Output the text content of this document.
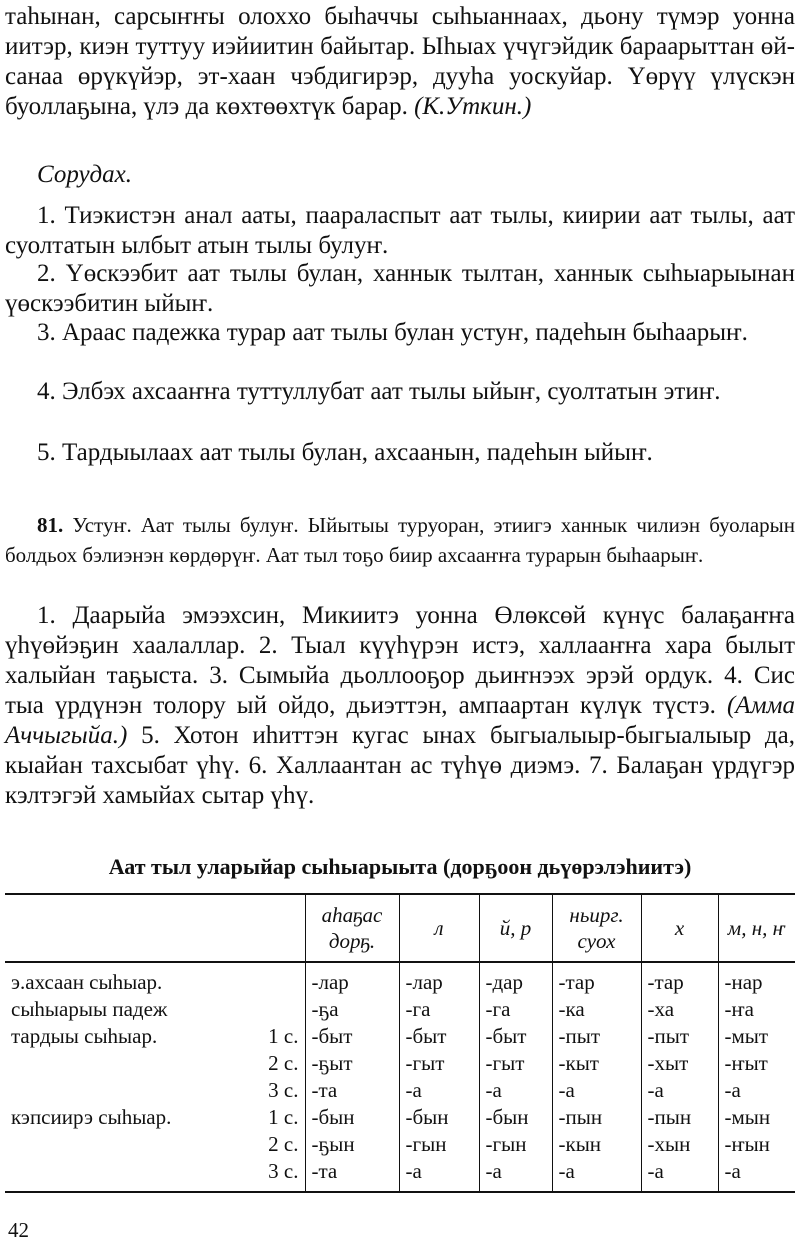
таһынан, сарсыҥҥы олоххо быһаччы сыһыаннаах, дьону түмэр уонна иитэр, киэн туттуу иэйиитин байытар. Ыһыах үчүгэйдик бараарыттан өй-санаа өрүкүйэр, эт-хаан чэбдигирэр, дууһа уоскуйар. Үөрүү үлүскэн буоллаҕына, үлэ да көхтөөхтүк барар. (К.Уткин.)

Сорудах.

1. Тиэкистэн анал ааты, паараласпыт аат тылы, киирии аат тылы, аат суолтатын ылбыт атын тылы булуҥ.

2. Үөскээбит аат тылы булан, ханнык тылтан, ханнык сыһыарыынан үөскээбитин ыйыҥ.

3. Араас падежка турар аат тылы булан устуҥ, падеһын быһаарыҥ.

4. Элбэх ахсааҥҥа туттуллубат аат тылы ыйыҥ, суолтатын этиҥ.

5. Тардыылаах аат тылы булан, ахсаанын, падеһын ыйыҥ.

81. Устуҥ. Аат тылы булуҥ. Ыйытыы туруоран, этиигэ ханнык чилиэн буоларын болдьох бэлиэнэн көрдөрүҥ. Аат тыл тоҕо биир ахсааҥҥа турарын быһаарыҥ.

1. Даарыйа эмээхсин, Микиитэ уонна Өлөксөй күнүс балаҕаҥҥа үһүөйэҕин хаалаллар. 2. Тыал күүһүрэн истэ, халлааҥҥа хара былыт халыйан таҕыста. 3. Сымыйа дьоллооҕор дьиҥнээх эрэй ордук. 4. Сис тыа үрдүнэн толору ый ойдо, дьиэттэн, ампаартан күлүк түстэ. (Амма Аччыгыйа.) 5. Хотон иһиттэн кугас ынах быгыалыыр-быгыалыыр да, кыайан тахсыбат үһү. 6. Халлаантан ас түһүө диэмэ. 7. Балаҕан үрдүгэр кэлтэгэй хамыйах сытар үһү.

Аат тыл уларыйар сыһыарыыта (дорҕоон дьүөрэлэһиитэ)
		аһаҕас дорҕ.	л	й, р	ньирг. суох	х	м, н, ҥ
э.ахсаан сыһыар.		-лар	-лар	-дар	-тар	-тар	-нар
сыһыарыы падеж		-ҕа	-га	-га	-ка	-ха	-ҥа
тардыы сыһыар.	1 с.	-быт	-быт	-быт	-пыт	-пыт	-мыт
	2 с.	-ҕыт	-гыт	-гыт	-кыт	-хыт	-ҥыт
	3 с.	-та	-а	-а	-а	-а	-а
кэпсиирэ сыһыар.	1 с.	-бын	-бын	-бын	-пын	-пын	-мын
	2 с.	-ҕын	-гын	-гын	-кын	-хын	-ҥын
	3 с.	-та	-а	-а	-а	-а	-а
42
